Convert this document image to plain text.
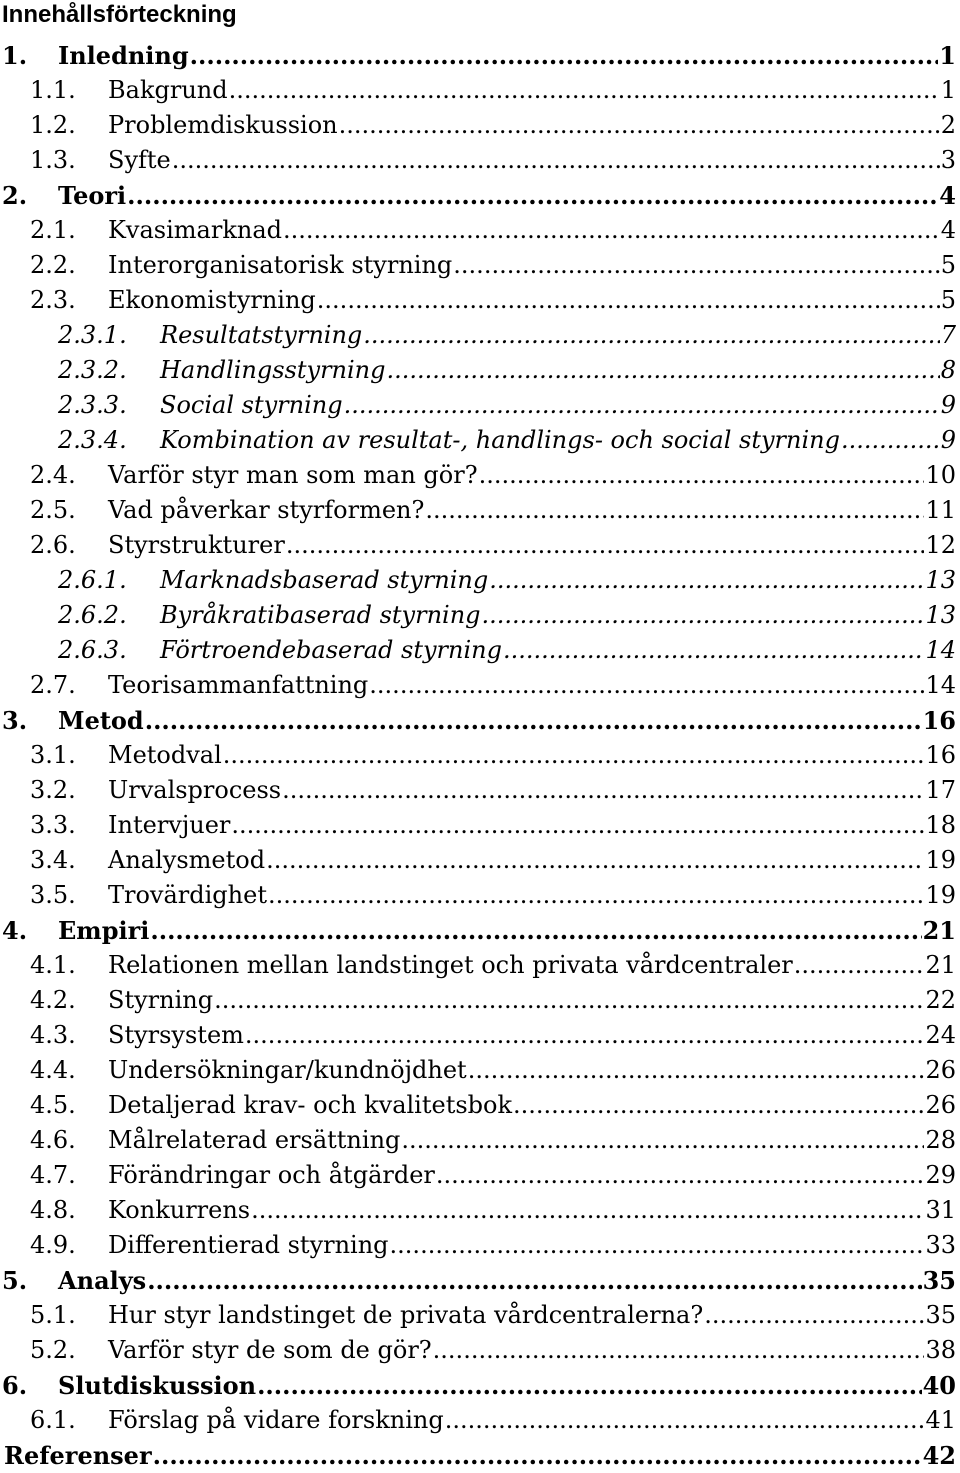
Innehållsförteckning
1.	Inledning .....	1
1.1.	Bakgrund .....	1
1.2.	Problemdiskussion .....	2
1.3.	Syfte .....	3
2.	Teori .....	4
2.1.	Kvasimarknad .....	4
2.2.	Interorganisatorisk styrning .....	5
2.3.	Ekonomistyrning .....	5
2.3.1.	Resultatstyrning .....	7
2.3.2.	Handlingsstyrning .....	8
2.3.3.	Social styrning .....	9
2.3.4.	Kombination av resultat-, handlings- och social styrning .....	9
2.4.	Varför styr man som man gör? .....	10
2.5.	Vad påverkar styrformen? .....	11
2.6.	Styrstrukturer .....	12
2.6.1.	Marknadsbaserad styrning .....	13
2.6.2.	Byråkratibaserad styrning .....	13
2.6.3.	Förtroendebaserad styrning .....	14
2.7.	Teorisammanfattning .....	14
3.	Metod .....	16
3.1.	Metodval .....	16
3.2.	Urvalsprocess .....	17
3.3.	Intervjuer .....	18
3.4.	Analysmetod .....	19
3.5.	Trovärdighet .....	19
4.	Empiri .....	21
4.1.	Relationen mellan landstinget och privata vårdcentraler .....	21
4.2.	Styrning .....	22
4.3.	Styrsystem .....	24
4.4.	Undersökningar/kundnöjdhet .....	26
4.5.	Detaljerad krav- och kvalitetsbok .....	26
4.6.	Målrelaterad ersättning .....	28
4.7.	Förändringar och åtgärder .....	29
4.8.	Konkurrens .....	31
4.9.	Differentierad styrning .....	33
5.	Analys .....	35
5.1.	Hur styr landstinget de privata vårdcentralerna? .....	35
5.2.	Varför styr de som de gör? .....	38
6.	Slutdiskussion .....	40
6.1.	Förslag på vidare forskning .....	41
Referenser .....	42
